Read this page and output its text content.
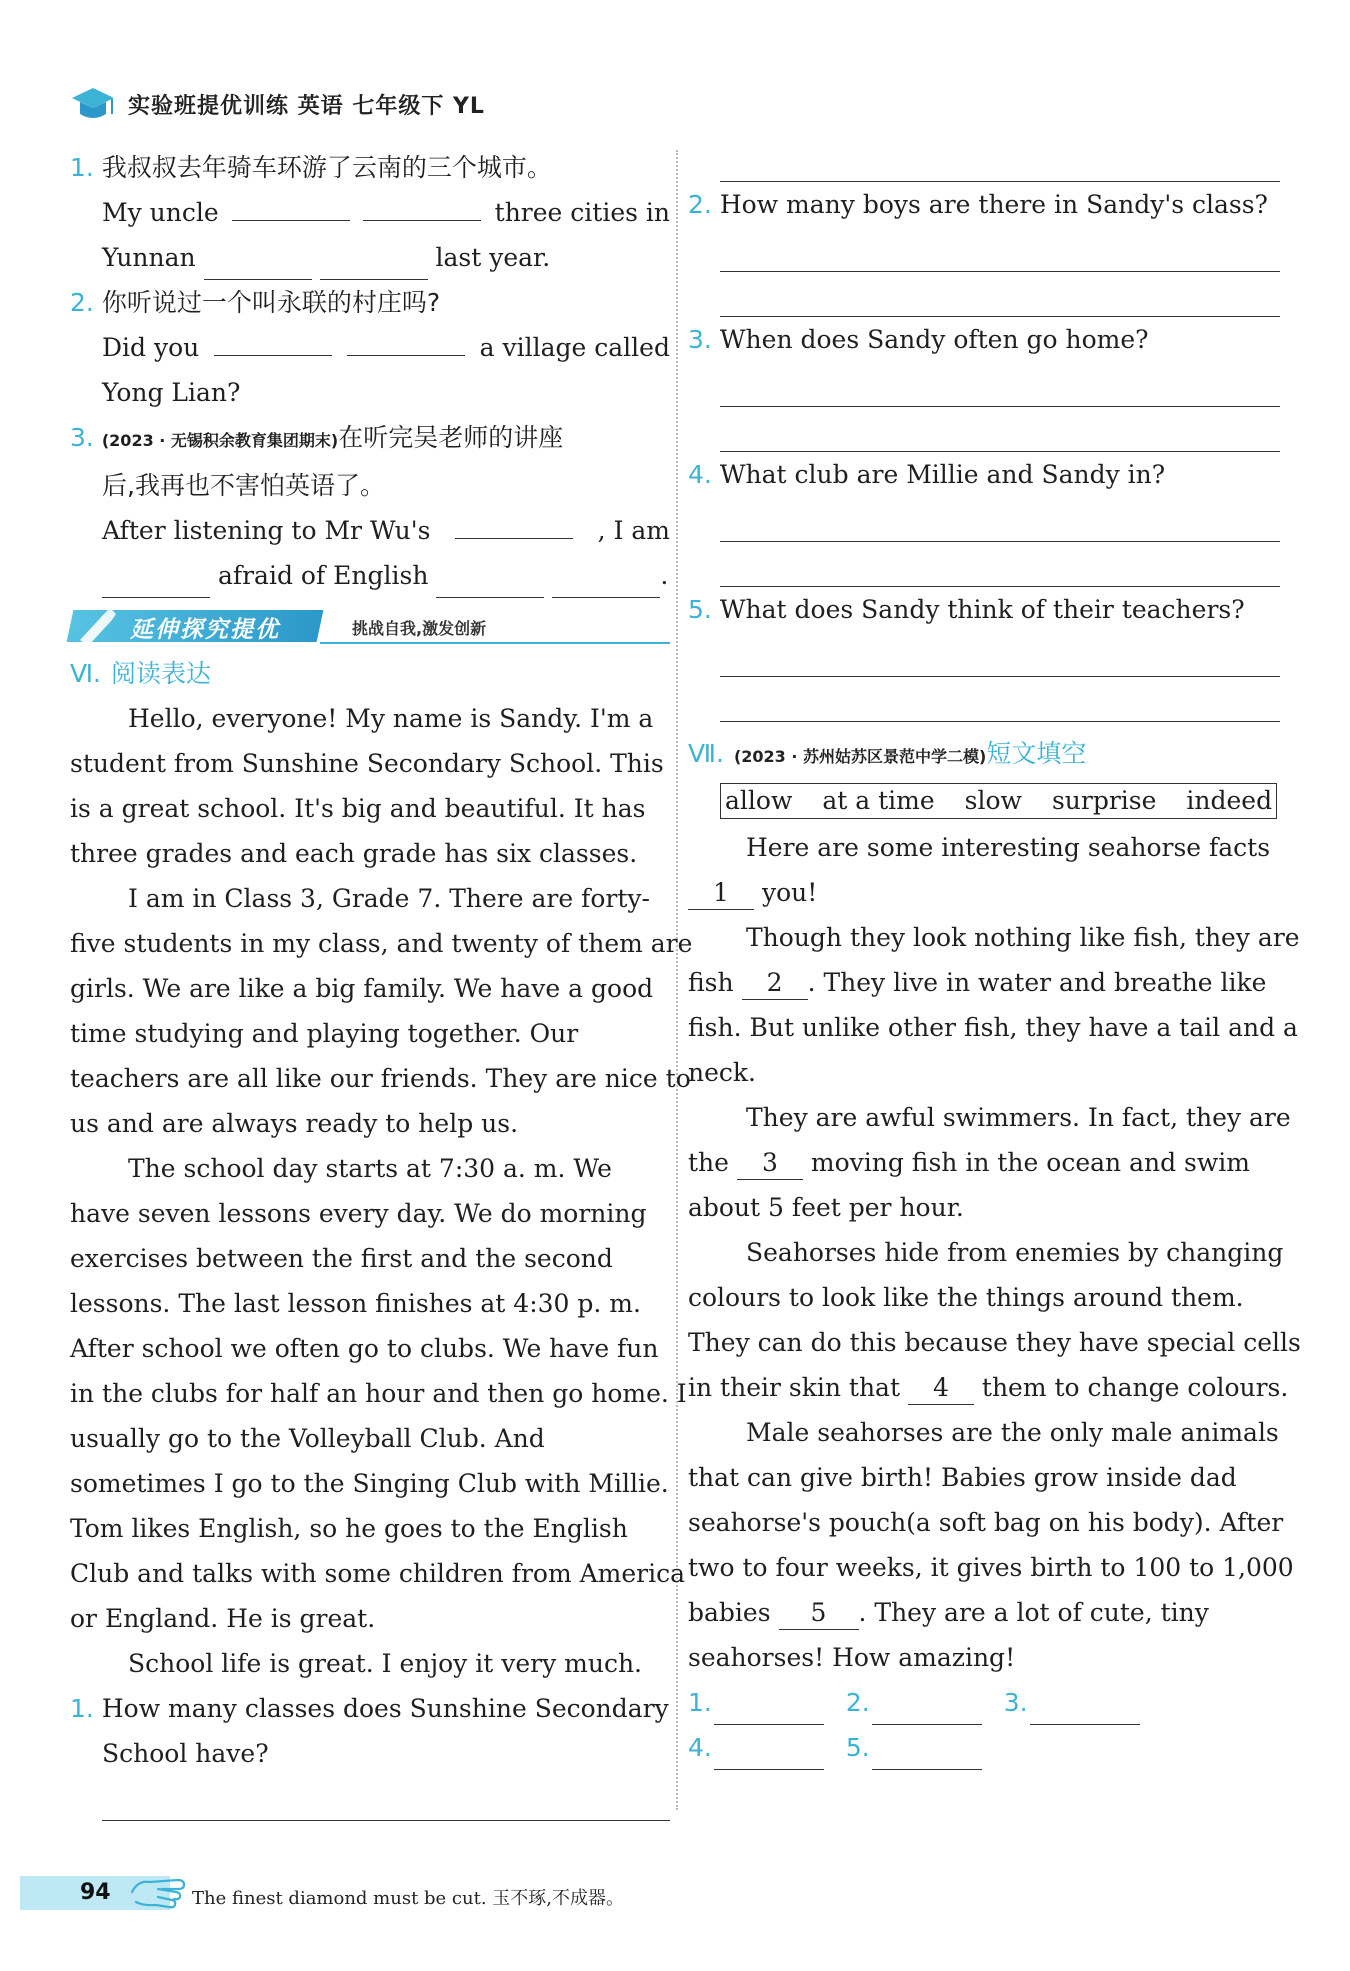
实验班提优训练 英语 七年级下 YL
1. 我叔叔去年骑车环游了云南的三个城市。
My uncle	three cities in
Yunnan	last year.
2. 你听说过一个叫永联的村庄吗?
Did you	a village called
Yong Lian?
3. (2023 · 无锡积余教育集团期末)在听完吴老师的讲座
后,我再也不害怕英语了。
After listening to Mr Wu's	, I am
afraid of English	.
延伸探究提优	挑战自我,激发创新
Ⅵ. 阅读表达
Hello, everyone! My name is Sandy. I'm a
student from Sunshine Secondary School. This
is a great school. It's big and beautiful. It has
three grades and each grade has six classes.
I am in Class 3, Grade 7. There are forty-
five students in my class, and twenty of them are
girls. We are like a big family. We have a good
time studying and playing together. Our
teachers are all like our friends. They are nice to
us and are always ready to help us.
The school day starts at 7:30 a. m. We
have seven lessons every day. We do morning
exercises between the first and the second
lessons. The last lesson finishes at 4:30 p. m.
After school we often go to clubs. We have fun
in the clubs for half an hour and then go home. I
usually go to the Volleyball Club. And
sometimes I go to the Singing Club with Millie.
Tom likes English, so he goes to the English
Club and talks with some children from America
or England. He is great.
School life is great. I enjoy it very much.
1. How many classes does Sunshine Secondary
School have?
2. How many boys are there in Sandy's class?
3. When does Sandy often go home?
4. What club are Millie and Sandy in?
5. What does Sandy think of their teachers?
Ⅶ. (2023 · 苏州姑苏区景范中学二模)短文填空
allow at a time slow surprise indeed
Here are some interesting seahorse facts
1 you!
Though they look nothing like fish, they are
fish 2 . They live in water and breathe like
fish. But unlike other fish, they have a tail and a
neck.
They are awful swimmers. In fact, they are
the 3 moving fish in the ocean and swim
about 5 feet per hour.
Seahorses hide from enemies by changing
colours to look like the things around them.
They can do this because they have special cells
in their skin that 4 them to change colours.
Male seahorses are the only male animals
that can give birth! Babies grow inside dad
seahorse's pouch(a soft bag on his body). After
two to four weeks, it gives birth to 100 to 1,000
babies 5 . They are a lot of cute, tiny
seahorses! How amazing!
1.	2.	3.
4.	5.
94	The finest diamond must be cut. 玉不琢,不成器。
